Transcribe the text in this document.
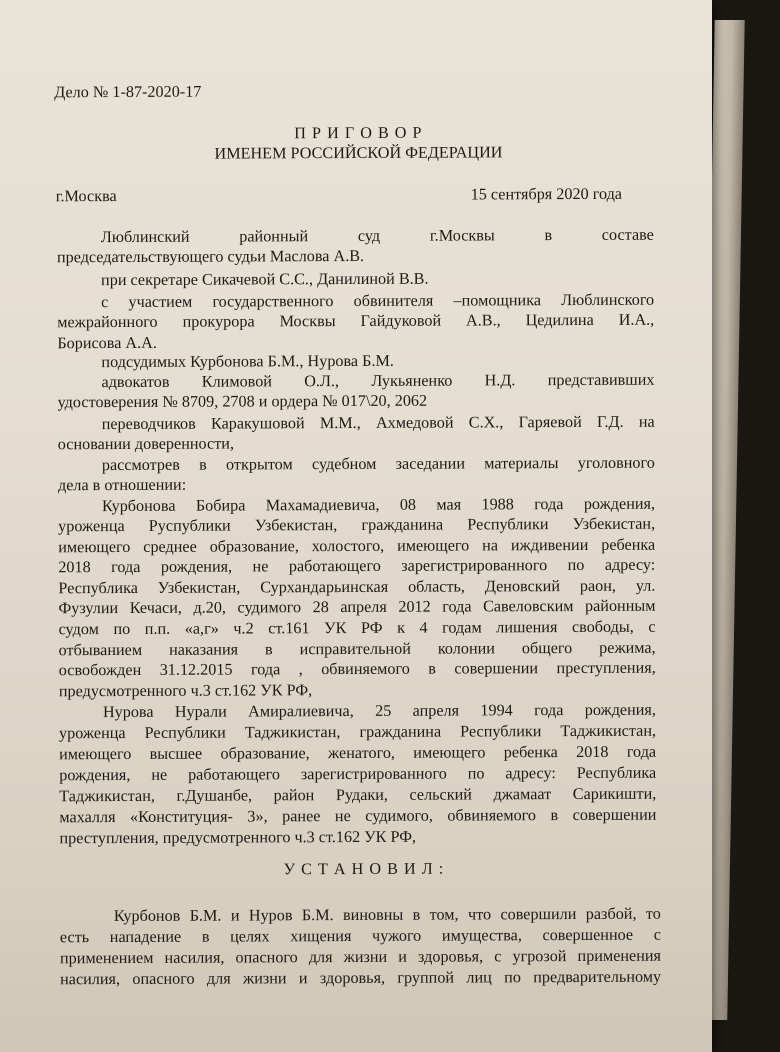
Дело № 1-87-2020-17
П Р И Г О В О Р
ИМЕНЕМ РОССИЙСКОЙ ФЕДЕРАЦИИ
г.Москва	15 сентября 2020 года
Люблинский районный суд г.Москвы в составе
председательствующего судьи Маслова А.В.
при секретаре Сикачевой С.С., Данилиной В.В.
с участием государственного обвинителя –помощника Люблинского
межрайонного прокурора Москвы Гайдуковой А.В., Цедилина И.А.,
Борисова А.А.
подсудимых Курбонова Б.М., Нурова Б.М.
адвокатов Климовой О.Л., Лукьяненко Н.Д. представивших
удостоверения № 8709, 2708 и ордера № 017\20, 2062
переводчиков Каракушовой М.М., Ахмедовой С.Х., Гаряевой Г.Д. на
основании доверенности,
рассмотрев в открытом судебном заседании материалы уголовного
дела в отношении:
Курбонова Бобира Махамадиевича, 08 мая 1988 года рождения,
уроженца Руспублики Узбекистан, гражданина Республики Узбекистан,
имеющего среднее образование, холостого, имеющего на иждивении ребенка
2018 года рождения, не работающего зарегистрированного по адресу:
Республика Узбекистан, Сурхандарьинская область, Деновский раон, ул.
Фузулии Кечаси, д.20, судимого 28 апреля 2012 года Савеловским районным
судом по п.п. «а,г» ч.2 ст.161 УК РФ к 4 годам лишения свободы, с
отбыванием наказания в исправительной колонии общего режима,
освобожден 31.12.2015 года , обвиняемого в совершении преступления,
предусмотренного ч.3 ст.162 УК РФ,
Нурова Нурали Амиралиевича, 25 апреля 1994 года рождения,
уроженца Республики Таджикистан, гражданина Республики Таджикистан,
имеющего высшее образование, женатого, имеющего ребенка 2018 года
рождения, не работающего зарегистрированного по адресу: Республика
Таджикистан, г.Душанбе, район Рудаки, сельский джамаат Сарикишти,
махалля «Конституция- 3», ранее не судимого, обвиняемого в совершении
преступления, предусмотренного ч.3 ст.162 УК РФ,
У С Т А Н О В И Л :
Курбонов Б.М. и Нуров Б.М. виновны в том, что совершили разбой, то
есть нападение в целях хищения чужого имущества, совершенное с
применением насилия, опасного для жизни и здоровья, с угрозой применения
насилия, опасного для жизни и здоровья, группой лиц по предварительному
